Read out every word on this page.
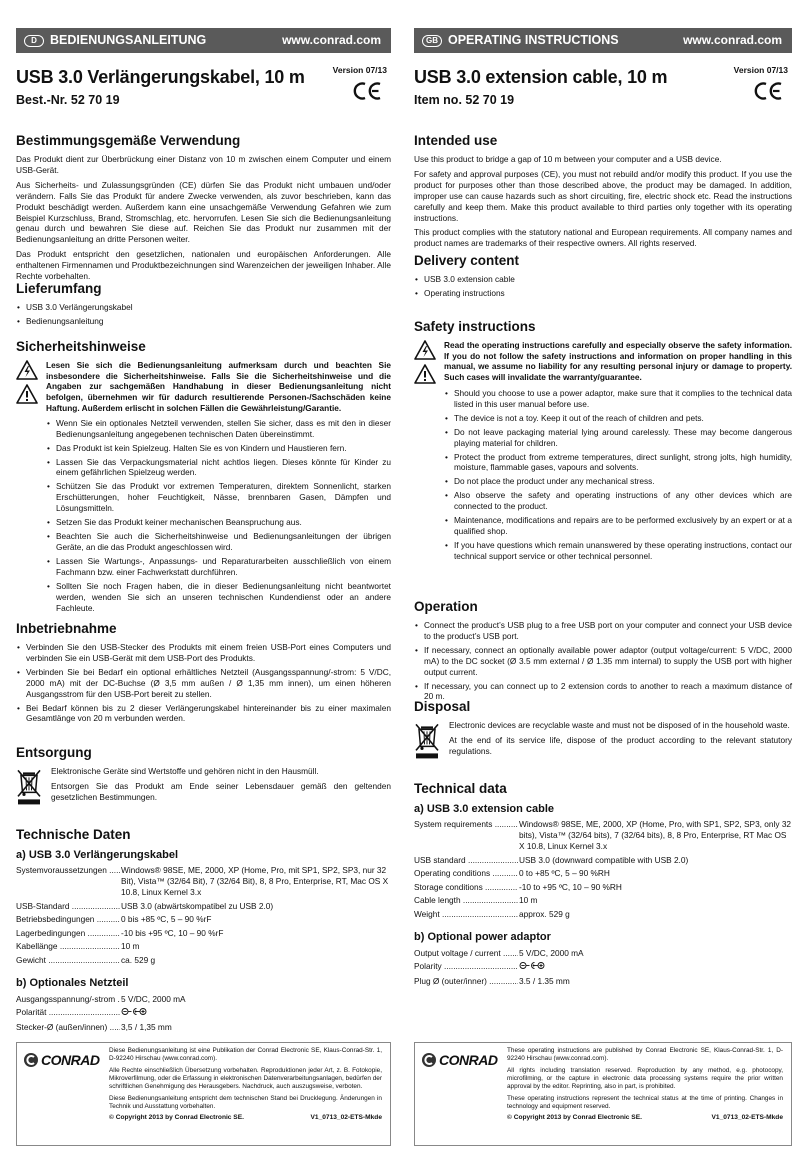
D	BEDIENUNGSANLEITUNG	www.conrad.com
USB 3.0 Verlängerungskabel, 10 m
Best.-Nr. 52 70 19
Version 07/13
Bestimmungsgemäße Verwendung

Das Produkt dient zur Überbrückung einer Distanz von 10 m zwischen einem Computer und einem USB-Gerät.

Aus Sicherheits- und Zulassungsgründen (CE) dürfen Sie das Produkt nicht umbauen und/oder verändern. Falls Sie das Produkt für andere Zwecke verwenden, als zuvor beschrieben, kann das Produkt beschädigt werden. Außerdem kann eine unsachgemäße Verwendung Gefahren wie zum Beispiel Kurzschluss, Brand, Stromschlag, etc. hervorrufen. Lesen Sie sich die Bedienungsanleitung genau durch und bewahren Sie diese auf. Reichen Sie das Produkt nur zusammen mit der Bedienungsanleitung an dritte Personen weiter.

Das Produkt entspricht den gesetzlichen, nationalen und europäischen Anforderungen. Alle enthaltenen Firmennamen und Produktbezeichnungen sind Warenzeichen der jeweiligen Inhaber. Alle Rechte vorbehalten.

Lieferumfang
• USB 3.0 Verlängerungskabel
• Bedienungsanleitung
Sicherheitshinweise
Lesen Sie sich die Bedienungsanleitung aufmerksam durch und beachten Sie insbesondere die Sicherheitshinweise. Falls Sie die Sicherheitshinweise und die Angaben zur sachgemäßen Handhabung in dieser Bedienungsanleitung nicht befolgen, übernehmen wir für dadurch resultierende Personen-/Sachschäden keine Haftung. Außerdem erlischt in solchen Fällen die Gewährleistung/Garantie.
• Wenn Sie ein optionales Netzteil verwenden, stellen Sie sicher, dass es mit den in dieser Bedienungsanleitung angegebenen technischen Daten übereinstimmt.
• Das Produkt ist kein Spielzeug. Halten Sie es von Kindern und Haustieren fern.
• Lassen Sie das Verpackungsmaterial nicht achtlos liegen. Dieses könnte für Kinder zu einem gefährlichen Spielzeug werden.
• Schützen Sie das Produkt vor extremen Temperaturen, direktem Sonnenlicht, starken Erschütterungen, hoher Feuchtigkeit, Nässe, brennbaren Gasen, Dämpfen und Lösungsmitteln.
• Setzen Sie das Produkt keiner mechanischen Beanspruchung aus.
• Beachten Sie auch die Sicherheitshinweise und Bedienungsanleitungen der übrigen Geräte, an die das Produkt angeschlossen wird.
• Lassen Sie Wartungs-, Anpassungs- und Reparaturarbeiten ausschließlich von einem Fachmann bzw. einer Fachwerkstatt durchführen.
• Sollten Sie noch Fragen haben, die in dieser Bedienungsanleitung nicht beantwortet werden, wenden Sie sich an unseren technischen Kundendienst oder an andere Fachleute.
Inbetriebnahme
• Verbinden Sie den USB-Stecker des Produkts mit einem freien USB-Port eines Computers und verbinden Sie ein USB-Gerät mit dem USB-Port des Produkts.
• Verbinden Sie bei Bedarf ein optional erhältliches Netzteil (Ausgangsspannung/-strom: 5 V/DC, 2000 mA) mit der DC-Buchse (Ø 3,5 mm außen / Ø 1,35 mm innen), um einen höheren Ausgangsstrom für den USB-Port bereit zu stellen.
• Bei Bedarf können bis zu 2 dieser Verlängerungskabel hintereinander bis zu einer maximalen Gesamtlänge von 20 m verbunden werden.
Entsorgung

Elektronische Geräte sind Wertstoffe und gehören nicht in den Hausmüll.

Entsorgen Sie das Produkt am Ende seiner Lebensdauer gemäß den geltenden gesetzlichen Bestimmungen.

Technische Daten
a) USB 3.0 Verlängerungskabel
Systemvoraussetzungen .....	Windows® 98SE, ME, 2000, XP (Home, Pro, mit SP1, SP2, SP3, nur 32 Bit), Vista™ (32/64 Bit), 7 (32/64 Bit), 8, 8 Pro, Enterprise, RT, Mac OS X 10.8, Linux Kernel 3.x
USB-Standard .....	USB 3.0 (abwärtskompatibel zu USB 2.0)
Betriebsbedingungen .....	0 bis +85 ºC, 5 – 90 %rF
Lagerbedingungen .....	-10 bis +95 ºC, 10 – 90 %rF
Kabellänge .....	10 m
Gewicht .....	ca. 529 g
b) Optionales Netzteil
Ausgangsspannung/-strom .....	5 V/DC, 2000 mA
Polarität .....	
Stecker-Ø (außen/innen) .....	3,5 / 1,35 mm
CONRAD

Diese Bedienungsanleitung ist eine Publikation der Conrad Electronic SE, Klaus-Conrad-Str. 1, D-92240 Hirschau (www.conrad.com).

Alle Rechte einschließlich Übersetzung vorbehalten. Reproduktionen jeder Art, z. B. Fotokopie, Mikroverfilmung, oder die Erfassung in elektronischen Datenverarbeitungsanlagen, bedürfen der schriftlichen Genehmigung des Herausgebers. Nachdruck, auch auszugsweise, verboten.

Diese Bedienungsanleitung entspricht dem technischen Stand bei Drucklegung. Änderungen in Technik und Ausstattung vorbehalten.

© Copyright 2013 by Conrad Electronic SE.	V1_0713_02-ETS-Mkde
GB OPERATING INSTRUCTIONS	www.conrad.com
USB 3.0 extension cable, 10 m
Item no. 52 70 19
Version 07/13
Intended use

Use this product to bridge a gap of 10 m between your computer and a USB device.

For safety and approval purposes (CE), you must not rebuild and/or modify this product. If you use the product for purposes other than those described above, the product may be damaged. In addition, improper use can cause hazards such as short circuiting, fire, electric shock etc. Read the instructions carefully and keep them. Make this product available to third parties only together with its operating instructions.

This product complies with the statutory national and European requirements. All company names and product names are trademarks of their respective owners. All rights reserved.

Delivery content
• USB 3.0 extension cable
• Operating instructions
Safety instructions
Read the operating instructions carefully and especially observe the safety information. If you do not follow the safety instructions and information on proper handling in this manual, we assume no liability for any resulting personal injury or damage to property. Such cases will invalidate the warranty/guarantee.
• Should you choose to use a power adaptor, make sure that it complies to the technical data listed in this user manual before use.
• The device is not a toy. Keep it out of the reach of children and pets.
• Do not leave packaging material lying around carelessly. These may become dangerous playing material for children.
• Protect the product from extreme temperatures, direct sunlight, strong jolts, high humidity, moisture, flammable gases, vapours and solvents.
• Do not place the product under any mechanical stress.
• Also observe the safety and operating instructions of any other devices which are connected to the product.
• Maintenance, modifications and repairs are to be performed exclusively by an expert or at a qualified shop.
• If you have questions which remain unanswered by these operating instructions, contact our technical support service or other technical personnel.
Operation
• Connect the product’s USB plug to a free USB port on your computer and connect your USB device to the product’s USB port.
• If necessary, connect an optionally available power adaptor (output voltage/current: 5 V/DC, 2000 mA) to the DC socket (Ø 3.5 mm external / Ø 1.35 mm internal) to supply the USB port with higher output current.
• If necessary, you can connect up to 2 extension cords to another to reach a maximum distance of 20 m.
Disposal

Electronic devices are recyclable waste and must not be disposed of in the household waste.

At the end of its service life, dispose of the product according to the relevant statutory regulations.

Technical data
a) USB 3.0 extension cable
System requirements .....	Windows® 98SE, ME, 2000, XP (Home, Pro, with SP1, SP2, SP3, only 32 bits), Vista™ (32/64 bits), 7 (32/64 bits), 8, 8 Pro, Enterprise, RT Mac OS X 10.8, Linux Kernel 3.x
USB standard .....	USB 3.0 (downward compatible with USB 2.0)
Operating conditions .....	0 to +85 ºC, 5 – 90 %RH
Storage conditions .....	-10 to +95 ºC, 10 – 90 %RH
Cable length .....	10 m
Weight .....	approx. 529 g
b) Optional power adaptor
Output voltage / current .....	5 V/DC, 2000 mA
Polarity .....	
Plug Ø (outer/inner) .....	3.5 / 1.35 mm
CONRAD

These operating instructions are published by Conrad Electronic SE, Klaus-Conrad-Str. 1, D-92240 Hirschau (www.conrad.com).

All rights including translation reserved. Reproduction by any method, e.g. photocopy, microfilming, or the capture in electronic data processing systems require the prior written approval by the editor. Reprinting, also in part, is prohibited.

These operating instructions represent the technical status at the time of printing. Changes in technology and equipment reserved.

© Copyright 2013 by Conrad Electronic SE.	V1_0713_02-ETS-Mkde
